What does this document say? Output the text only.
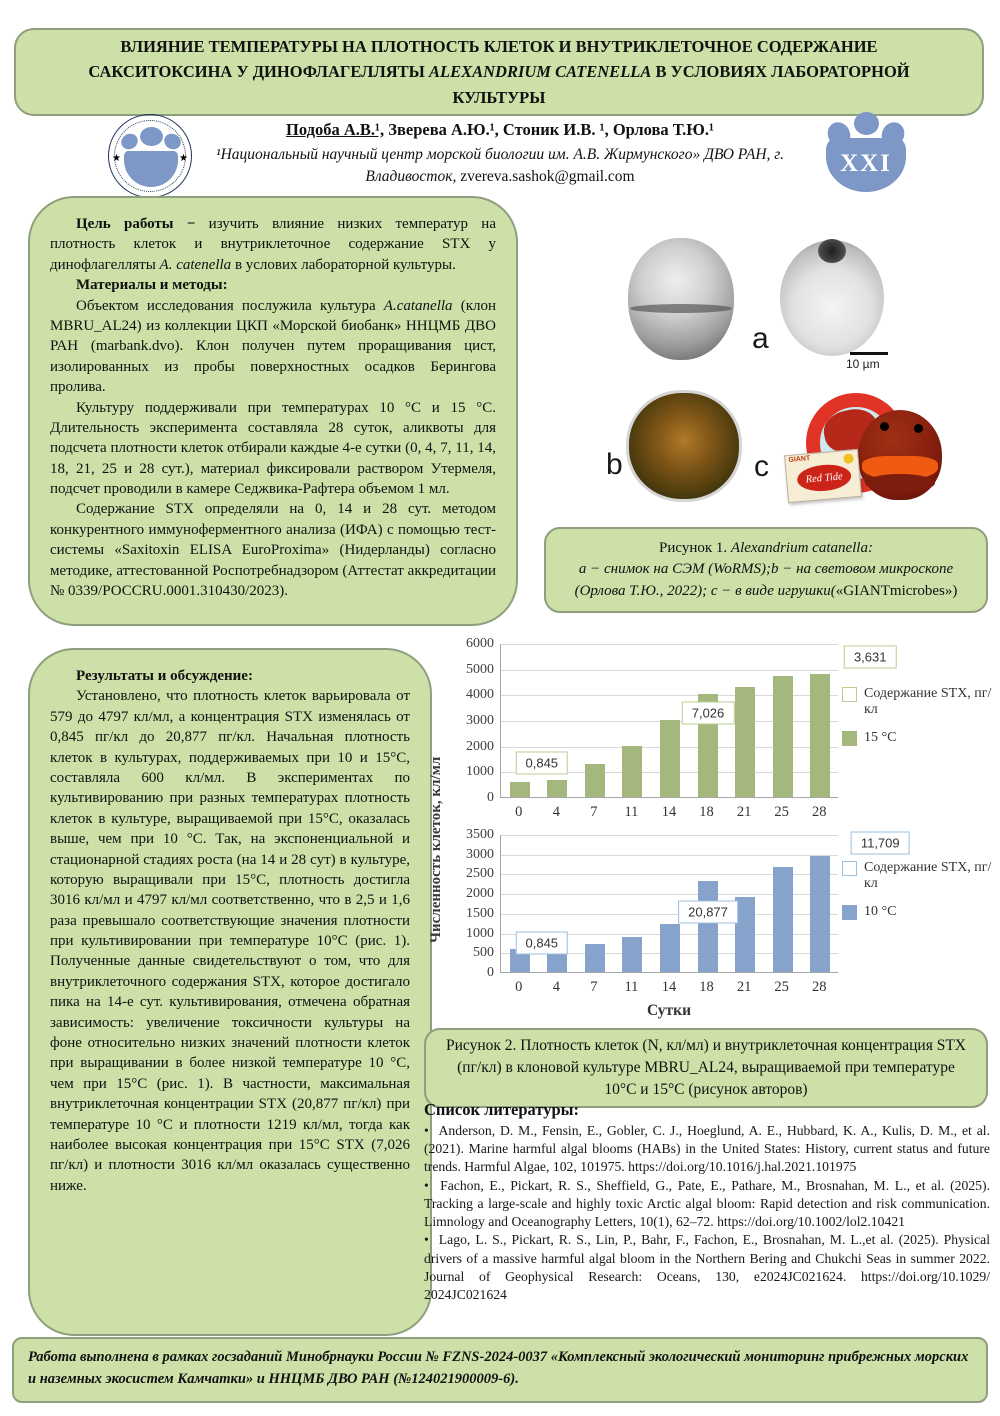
ВЛИЯНИЕ ТЕМПЕРАТУРЫ НА ПЛОТНОСТЬ КЛЕТОК И ВНУТРИКЛЕТОЧНОЕ СОДЕРЖАНИЕ САКСИТОКСИНА У ДИНОФЛАГЕЛЛЯТЫ ALEXANDRIUM CATENELLA В УСЛОВИЯХ ЛАБОРАТОРНОЙ КУЛЬТУРЫ
★	★
Подоба А.В.¹, Зверева А.Ю.¹, Стоник И.В. ¹, Орлова Т.Ю.¹
¹Национальный научный центр морской биологии им. А.В. Жирмунского» ДВО РАН, г.
Владивосток, zvereva.sashok@gmail.com	XXI

Цель работы − изучить влияние низких температур на плотность клеток и внутриклеточное содержание STX у динофлагелляты A. catenella в услових лабораторной культуры.

Материалы и методы:

Объектом исследования послужила культура A.catanella (клон MBRU_AL24) из коллекции ЦКП «Морской биобанк» ННЦМБ ДВО РАН (marbank.dvo). Клон получен путем проращивания цист, изолированных из пробы поверхностных осадков Берингова пролива.

Культуру поддерживали при температурах 10 °С и 15 °С. Длительность эксперимента составляла 28 суток, аликвоты для подсчета плотности клеток отбирали каждые 4-е сутки (0, 4, 7, 11, 14, 18, 21, 25 и 28 сут.), материал фиксировали раствором Утермеля, подсчет проводили в камере Седжвика-Рафтера объемом 1 мл.

Содержание STX определяли на 0, 14 и 28 сут. методом конкурентного иммуноферментного анализа (ИФА) с помощью тест-системы «Saxitoxin ELISA EuroProxima» (Нидерланды) согласно методике, аттестованной Роспотребнадзором (Аттестат аккредитации № 0339/РОССRU.0001.310430/2023).

Результаты и обсуждение:

Установлено, что плотность клеток варьировала от 579 до 4797 кл/мл, а концентрация STX изменялась от 0,845 пг/кл до 20,877 пг/кл. Начальная плотность клеток в культурах, поддерживаемых при 10 и 15°С, составляла 600 кл/мл. В экспериментах по культивированию при разных температурах плотность клеток в культуре, выращиваемой при 15°С, оказалась выше, чем при 10 °С. Так, на экспоненциальной и стационарной стадиях роста (на 14 и 28 сут) в культуре, которую выращивали при 15°С, плотность достигла 3016 кл/мл и 4797 кл/мл соответственно, что в 2,5 и 1,6 раза превышало соответствующие значения плотности при культивировании при температуре 10°С (рис. 1). Полученные данные свидетельствуют о том, что для внутриклеточного содержания STX, которое достигало пика на 14-е сут. культивирования, отмечена обратная зависимость: увеличение токсичности культуры на фоне относительно низких значений плотности клеток при выращивании в более низкой температуре 10 °С, чем при 15°С (рис. 1). В частности, максимальная внутриклеточная концентрации STX (20,877 пг/кл) при температуре 10 °С и плотности 1219 кл/мл, тогда как наиболее высокая концентрация при 15°С STX (7,026 пг/кл) и плотности 3016 кл/мл оказалась существенно ниже.

a
10 µm
b	GIANT
Red Tide
c
Рисунок 1. Alexandrium catanella:
a − снимок на СЭМ (WoRMS);b − на световом микроскопе
(Орлова Т.Ю., 2022); c − в виде игрушки(«GIANTmicrobes»)
Численность клеток, кл/мл	0
1000
2000
3000
4000
5000
6000
0,845
7,026
3,631
0	4	7	11	14	18	21	25	28
Содержание STX, пг/кл
15 °C
0
500
1000
1500
2000
2500
3000
3500
0,845
20,877
11,709
0	4	7	11	14	18	21	25	28
Содержание STX, пг/кл
10 °C
Сутки
Рисунок 2. Плотность клеток (N, кл/мл) и внутриклеточная концентрация STX (пг/кл) в клоновой культуре MBRU_AL24, выращиваемой при температуре 10°С и 15°С (рисунок авторов)
Список литературы:
• Anderson, D. M., Fensin, E., Gobler, C. J., Hoeglund, A. E., Hubbard, K. A., Kulis, D. M., et al. (2021). Marine harmful algal blooms (HABs) in the United States: History, current status and future trends. Harmful Algae, 102, 101975. https://doi.org/10.1016/j.hal.2021.101975
• Fachon, E., Pickart, R. S., Sheffield, G., Pate, E., Pathare, M., Brosnahan, M. L., et al. (2025). Tracking a large-scale and highly toxic Arctic algal bloom: Rapid detection and risk communication. Limnology and Oceanography Letters, 10(1), 62–72. https://doi.org/10.1002/lol2.10421
• Lago, L. S., Pickart, R. S., Lin, P., Bahr, F., Fachon, E., Brosnahan, M. L.,et al. (2025). Physical drivers of a massive harmful algal bloom in the Northern Bering and Chukchi Seas in summer 2022. Journal of Geophysical Research: Oceans, 130, e2024JC021624. https://doi.org/10.1029/ 2024JC021624
Работа выполнена в рамках госзаданий Минобрнауки России № FZNS-2024-0037 «Комплексный экологический мониторинг прибрежных морских и наземных экосистем Камчатки» и ННЦМБ ДВО РАН (№124021900009-6).
